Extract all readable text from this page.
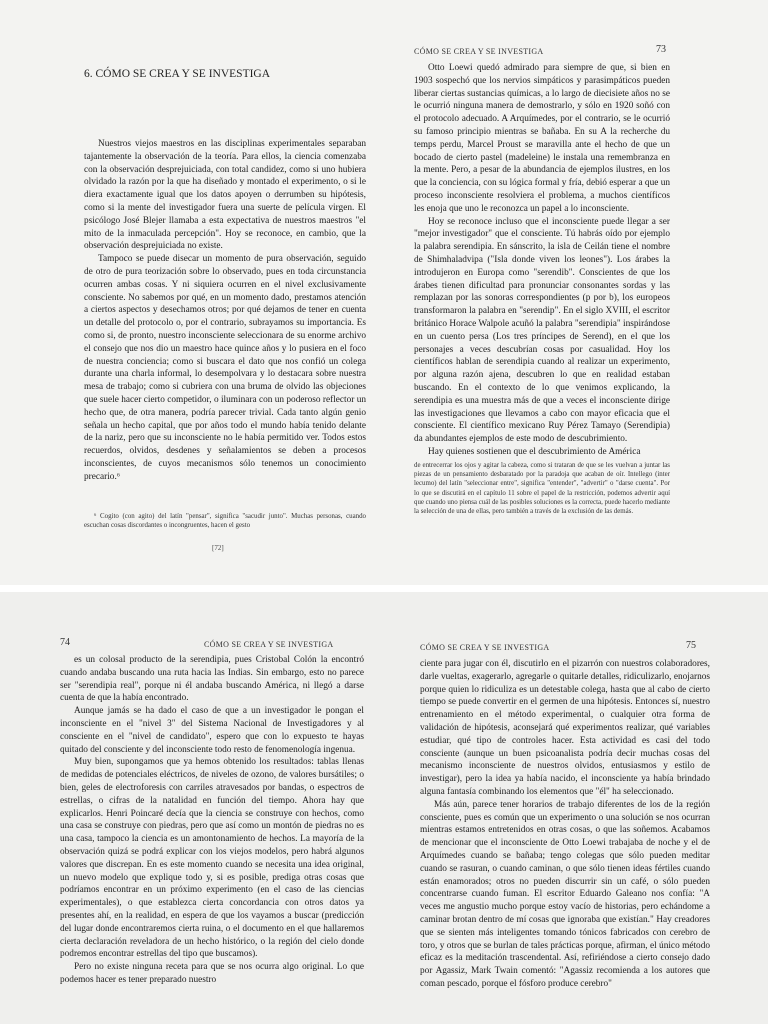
6. CÓMO SE CREA Y SE INVESTIGA

Nuestros viejos maestros en las disciplinas experimentales separaban tajantemente la observación de la teoría. Para ellos, la ciencia comenzaba con la observación desprejuiciada, con total candidez, como si uno hubiera olvidado la razón por la que ha diseñado y montado el experimento, o si le diera exactamente igual que los datos apoyen o derrumben su hipótesis, como si la mente del investigador fuera una suerte de película virgen. El psicólogo José Blejer llamaba a esta expectativa de nuestros maestros "el mito de la inmaculada percepción". Hoy se reconoce, en cambio, que la observación desprejuiciada no existe.

Tampoco se puede disecar un momento de pura observación, seguido de otro de pura teorización sobre lo observado, pues en toda circunstancia ocurren ambas cosas. Y ni siquiera ocurren en el nivel exclusivamente consciente. No sabemos por qué, en un momento dado, prestamos atención a ciertos aspectos y desechamos otros; por qué dejamos de tener en cuenta un detalle del protocolo o, por el contrario, subrayamos su importancia. Es como si, de pronto, nuestro inconsciente seleccionara de su enorme archivo el consejo que nos dio un maestro hace quince años y lo pusiera en el foco de nuestra conciencia; como si buscara el dato que nos confió un colega durante una charla informal, lo desempolvara y lo destacara sobre nuestra mesa de trabajo; como si cubriera con una bruma de olvido las objeciones que suele hacer cierto competidor, o iluminara con un poderoso reflector un hecho que, de otra manera, podría parecer trivial. Cada tanto algún genio señala un hecho capital, que por años todo el mundo había tenido delante de la nariz, pero que su inconsciente no le había permitido ver. Todos estos recuerdos, olvidos, desdenes y señalamientos se deben a procesos inconscientes, de cuyos mecanismos sólo tenemos un conocimiento precario.⁶

⁶ Cogito (con agito) del latín "pensar", significa "sacudir junto". Muchas personas, cuando escuchan cosas discordantes o incongruentes, hacen el gesto

[72]
CÓMO SE CREA Y SE INVESTIGA	73

Otto Loewi quedó admirado para siempre de que, si bien en 1903 sospechó que los nervios simpáticos y parasimpáticos pueden liberar ciertas sustancias químicas, a lo largo de diecisiete años no se le ocurrió ninguna manera de demostrarlo, y sólo en 1920 soñó con el protocolo adecuado. A Arquímedes, por el contrario, se le ocurrió su famoso principio mientras se bañaba. En su A la recherche du temps perdu, Marcel Proust se maravilla ante el hecho de que un bocado de cierto pastel (madeleine) le instala una remembranza en la mente. Pero, a pesar de la abundancia de ejemplos ilustres, en los que la conciencia, con su lógica formal y fría, debió esperar a que un proceso inconsciente resolviera el problema, a muchos científicos les enoja que uno le reconozca un papel a lo inconsciente.

Hoy se reconoce incluso que el inconsciente puede llegar a ser "mejor investigador" que el consciente. Tú habrás oído por ejemplo la palabra serendipia. En sánscrito, la isla de Ceilán tiene el nombre de Shimhaladvipa ("Isla donde viven los leones"). Los árabes la introdujeron en Europa como "serendib". Conscientes de que los árabes tienen dificultad para pronunciar consonantes sordas y las remplazan por las sonoras correspondientes (p por b), los europeos transformaron la palabra en "serendip". En el siglo XVIII, el escritor británico Horace Walpole acuñó la palabra "serendipia" inspirándose en un cuento persa (Los tres príncipes de Serend), en el que los personajes a veces descubrían cosas por casualidad. Hoy los científicos hablan de serendipia cuando al realizar un experimento, por alguna razón ajena, descubren lo que en realidad estaban buscando. En el contexto de lo que venimos explicando, la serendipia es una muestra más de que a veces el inconsciente dirige las investigaciones que llevamos a cabo con mayor eficacia que el consciente. El científico mexicano Ruy Pérez Tamayo (Serendipia) da abundantes ejemplos de este modo de descubrimiento.

Hay quienes sostienen que el descubrimiento de América

de entrecerrar los ojos y agitar la cabeza, como si trataran de que se les vuelvan a juntar las piezas de un pensamiento desbaratado por la paradoja que acaban de oír. Intellego (inter lecumo) del latín "seleccionar entre", significa "entender", "advertir" o "darse cuenta". Por lo que se discutirá en el capítulo 11 sobre el papel de la restricción, podemos advertir aquí que cuando uno piensa cuál de las posibles soluciones es la correcta, puede hacerlo mediante la selección de una de ellas, pero también a través de la exclusión de las demás.

74	CÓMO SE CREA Y SE INVESTIGA

es un colosal producto de la serendipia, pues Cristobal Colón la encontró cuando andaba buscando una ruta hacia las Indias. Sin embargo, esto no parece ser "serendipia real", porque ni él andaba buscando América, ni llegó a darse cuenta de que la había encontrado.

Aunque jamás se ha dado el caso de que a un investigador le pongan el inconsciente en el "nivel 3" del Sistema Nacional de Investigadores y al consciente en el "nivel de candidato", espero que con lo expuesto te hayas quitado del consciente y del inconsciente todo resto de fenomenología ingenua.

Muy bien, supongamos que ya hemos obtenido los resultados: tablas llenas de medidas de potenciales eléctricos, de niveles de ozono, de valores bursátiles; o bien, geles de electroforesis con carriles atravesados por bandas, o espectros de estrellas, o cifras de la natalidad en función del tiempo. Ahora hay que explicarlos. Henri Poincaré decía que la ciencia se construye con hechos, como una casa se construye con piedras, pero que así como un montón de piedras no es una casa, tampoco la ciencia es un amontonamiento de hechos. La mayoría de la observación quizá se podrá explicar con los viejos modelos, pero habrá algunos valores que discrepan. En es este momento cuando se necesita una idea original, un nuevo modelo que explique todo y, si es posible, prediga otras cosas que podríamos encontrar en un próximo experimento (en el caso de las ciencias experimentales), o que establezca cierta concordancia con otros datos ya presentes ahí, en la realidad, en espera de que los vayamos a buscar (predicción del lugar donde encontraremos cierta ruina, o el documento en el que hallaremos cierta declaración reveladora de un hecho histórico, o la región del cielo donde podremos encontrar estrellas del tipo que buscamos).

Pero no existe ninguna receta para que se nos ocurra algo original. Lo que podemos hacer es tener preparado nuestro

CÓMO SE CREA Y SE INVESTIGA	75

ciente para jugar con él, discutirlo en el pizarrón con nuestros colaboradores, darle vueltas, exagerarlo, agregarle o quitarle detalles, ridiculizarlo, enojarnos porque quien lo ridiculiza es un detestable colega, hasta que al cabo de cierto tiempo se puede convertir en el germen de una hipótesis. Entonces sí, nuestro entrenamiento en el método experimental, o cualquier otra forma de validación de hipótesis, aconsejará qué experimentos realizar, qué variables estudiar, qué tipo de controles hacer. Esta actividad es casi del todo consciente (aunque un buen psicoanalista podría decir muchas cosas del mecanismo inconsciente de nuestros olvidos, entusiasmos y estilo de investigar), pero la idea ya había nacido, el inconsciente ya había brindado alguna fantasía combinando los elementos que "él" ha seleccionado.

Más aún, parece tener horarios de trabajo diferentes de los de la región consciente, pues es común que un experimento o una solución se nos ocurran mientras estamos entretenidos en otras cosas, o que las soñemos. Acabamos de mencionar que el inconsciente de Otto Loewi trabajaba de noche y el de Arquímedes cuando se bañaba; tengo colegas que sólo pueden meditar cuando se rasuran, o cuando caminan, o que sólo tienen ideas fértiles cuando están enamorados; otros no pueden discurrir sin un café, o sólo pueden concentrarse cuando fuman. El escritor Eduardo Galeano nos confía: "A veces me angustio mucho porque estoy vacío de historias, pero echándome a caminar brotan dentro de mí cosas que ignoraba que existían." Hay creadores que se sienten más inteligentes tomando tónicos fabricados con cerebro de toro, y otros que se burlan de tales prácticas porque, afirman, el único método eficaz es la meditación trascendental. Así, refiriéndose a cierto consejo dado por Agassiz, Mark Twain comentó: "Agassiz recomienda a los autores que coman pescado, porque el fósforo produce cerebro"
